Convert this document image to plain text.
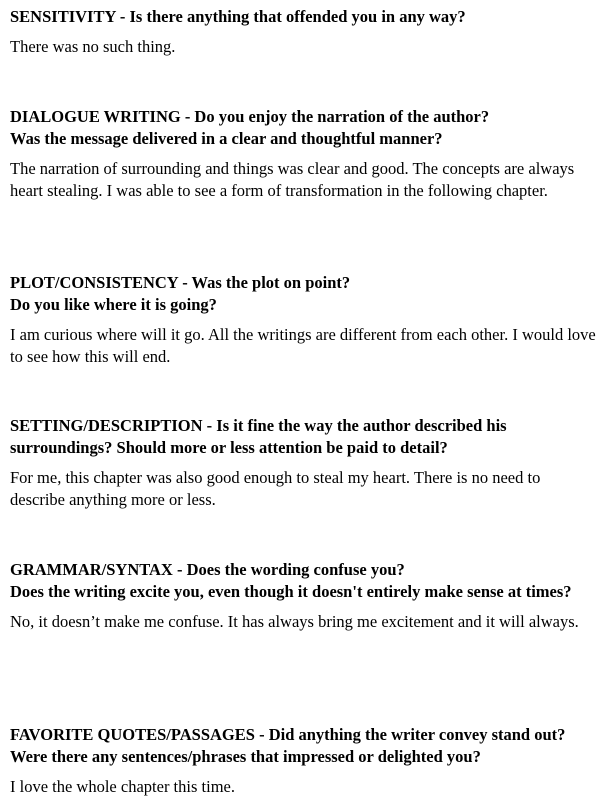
SENSITIVITY - Is there anything that offended you in any way?

There was no such thing.

DIALOGUE WRITING - Do you enjoy the narration of the author?
Was the message delivered in a clear and thoughtful manner?

The narration of surrounding and things was clear and good. The concepts are always heart stealing. I was able to see a form of transformation in the following chapter.

PLOT/CONSISTENCY - Was the plot on point?
Do you like where it is going?

I am curious where will it go. All the writings are different from each other. I would love to see how this will end.

SETTING/DESCRIPTION - Is it fine the way the author described his surroundings? Should more or less attention be paid to detail?

For me, this chapter was also good enough to steal my heart. There is no need to describe anything more or less.

GRAMMAR/SYNTAX - Does the wording confuse you?
Does the writing excite you, even though it doesn't entirely make sense at times?

No, it doesn’t make me confuse. It has always bring me excitement and it will always.

FAVORITE QUOTES/PASSAGES - Did anything the writer convey stand out? Were there any sentences/phrases that impressed or delighted you?

I love the whole chapter this time.
